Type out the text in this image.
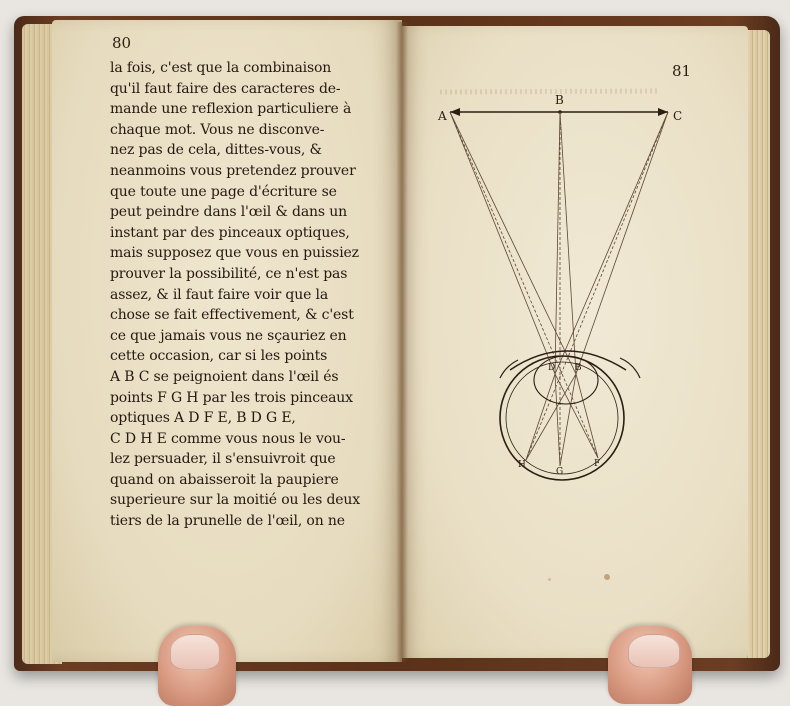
80
81
la fois, c'est que la combinaison
qu'il faut faire des caracteres de-
mande une reflexion particuliere à
chaque mot. Vous ne disconve-
nez pas de cela, dittes-vous, &
neanmoins vous pretendez prouver
que toute une page d'écriture se
peut peindre dans l'œil & dans un
instant par des pinceaux optiques,
mais supposez que vous en puissiez
prouver la possibilité, ce n'est pas
assez, & il faut faire voir que la
chose se fait effectivement, & c'est
ce que jamais vous ne sçauriez en
cette occasion, car si les points
A B C se peignoient dans l'œil és
points F G H par les trois pinceaux
optiques A D F E, B D G E,
C D H E comme vous nous le vou-
lez persuader, il s'ensuivroit que
quand on abaisseroit la paupiere
superieure sur la moitié ou les deux
tiers de la prunelle de l'œil, on ne
A
B
C
D B
H
G
F
